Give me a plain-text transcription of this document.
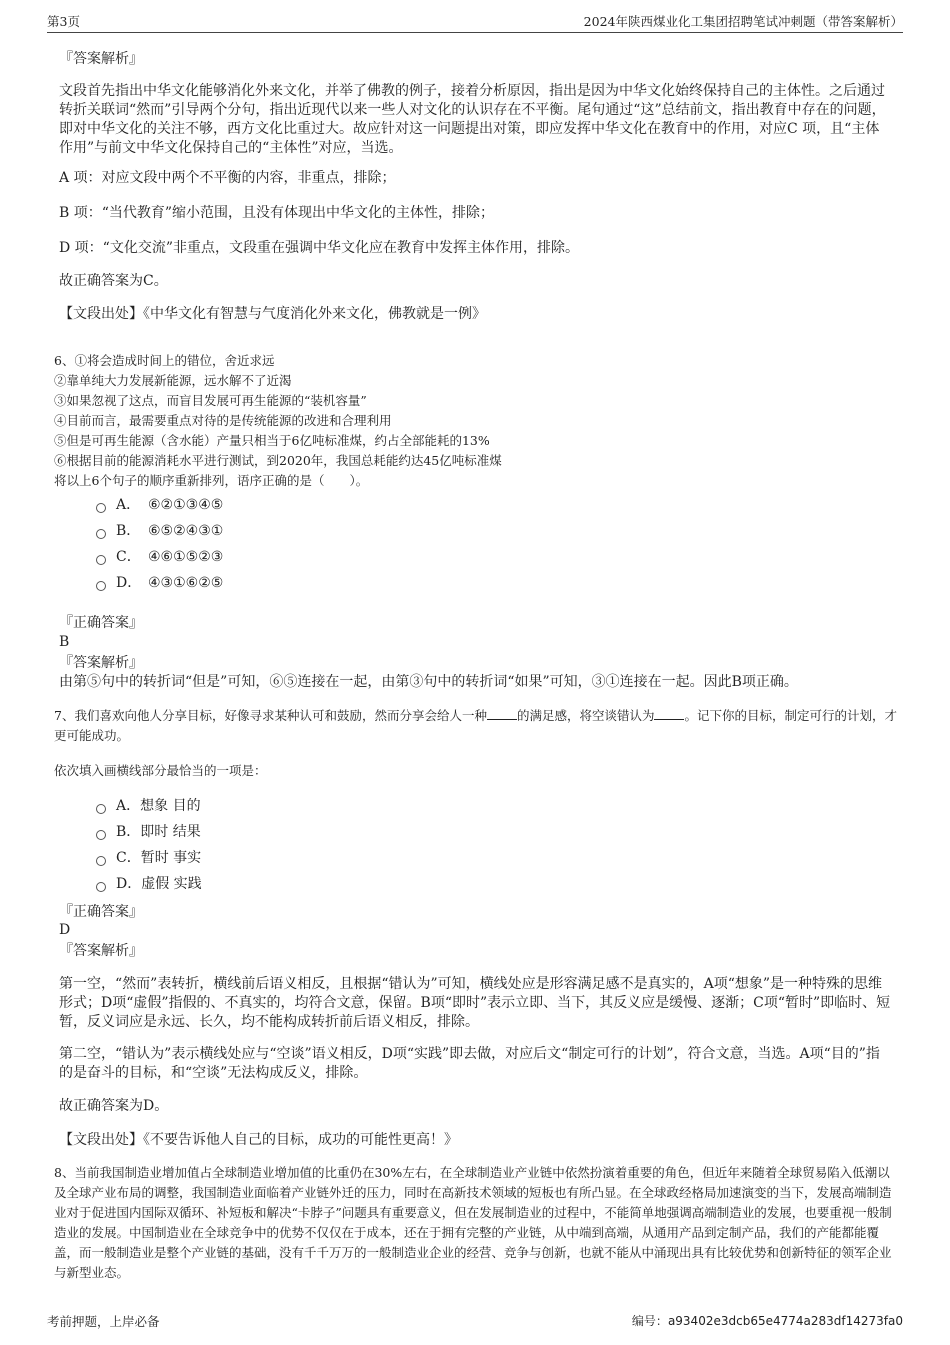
第3页	2024年陕西煤业化工集团招聘笔试冲刺题（带答案解析）
『答案解析』

文段首先指出中华文化能够消化外来文化，并举了佛教的例子，接着分析原因，指出是因为中华文化始终保持自己的主体性。之后通过转折关联词“然而”引导两个分句，指出近现代以来一些人对文化的认识存在不平衡。尾句通过“这”总结前文，指出教育中存在的问题，即对中华文化的关注不够，西方文化比重过大。故应针对这一问题提出对策，即应发挥中华文化在教育中的作用，对应C 项，且“主体作用”与前文中华文化保持自己的“主体性”对应，当选。

A 项：对应文段中两个不平衡的内容，非重点，排除；

B 项：“当代教育”缩小范围，且没有体现出中华文化的主体性，排除；

D 项：“文化交流”非重点，文段重在强调中华文化应在教育中发挥主体作用，排除。

故正确答案为C。

【文段出处】《中华文化有智慧与气度消化外来文化，佛教就是一例》

6、①将会造成时间上的错位，舍近求远

②靠单纯大力发展新能源，远水解不了近渴

③如果忽视了这点，而盲目发展可再生能源的“装机容量”

④目前而言，最需要重点对待的是传统能源的改进和合理利用

⑤但是可再生能源（含水能）产量只相当于6亿吨标准煤，约占全部能耗的13%

⑥根据目前的能源消耗水平进行测试，到2020年，我国总耗能约达45亿吨标准煤

将以上6个句子的顺序重新排列，语序正确的是（　　）。

A． ⑥②①③④⑤
B． ⑥⑤②④③①
C． ④⑥①⑤②③
D． ④③①⑥②⑤
『正确答案』
B
『答案解析』

由第⑤句中的转折词“但是”可知，⑥⑤连接在一起，由第③句中的转折词“如果”可知，③①连接在一起。因此B项正确。

7、我们喜欢向他人分享目标，好像寻求某种认可和鼓励，然而分享会给人一种 的满足感，将空谈错认为 。记下你的目标，制定可行的计划，才更可能成功。

依次填入画横线部分最恰当的一项是：

A． 想象 目的
B． 即时 结果
C． 暂时 事实
D． 虚假 实践
『正确答案』
D
『答案解析』

第一空，“然而”表转折，横线前后语义相反，且根据“错认为”可知，横线处应是形容满足感不是真实的，A项“想象”是一种特殊的思维形式；D项“虚假”指假的、不真实的，均符合文意，保留。B项“即时”表示立即、当下，其反义应是缓慢、逐渐；C项“暂时”即临时、短暂，反义词应是永远、长久，均不能构成转折前后语义相反，排除。

第二空，“错认为”表示横线处应与“空谈”语义相反，D项“实践”即去做，对应后文“制定可行的计划”，符合文意，当选。A项“目的”指的是奋斗的目标，和“空谈”无法构成反义，排除。

故正确答案为D。

【文段出处】《不要告诉他人自己的目标，成功的可能性更高！》

8、当前我国制造业增加值占全球制造业增加值的比重仍在30%左右，在全球制造业产业链中依然扮演着重要的角色，但近年来随着全球贸易陷入低潮以及全球产业布局的调整，我国制造业面临着产业链外迁的压力，同时在高新技术领域的短板也有所凸显。在全球政经格局加速演变的当下，发展高端制造业对于促进国内国际双循环、补短板和解决“卡脖子”问题具有重要意义，但在发展制造业的过程中，不能简单地强调高端制造业的发展，也要重视一般制造业的发展。中国制造业在全球竞争中的优势不仅仅在于成本，还在于拥有完整的产业链，从中端到高端，从通用产品到定制产品，我们的产能都能覆盖，而一般制造业是整个产业链的基础，没有千千万万的一般制造业企业的经营、竞争与创新，也就不能从中涌现出具有比较优势和创新特征的领军企业与新型业态。

考前押题，上岸必备	编号：a93402e3dcb65e4774a283df14273fa0
